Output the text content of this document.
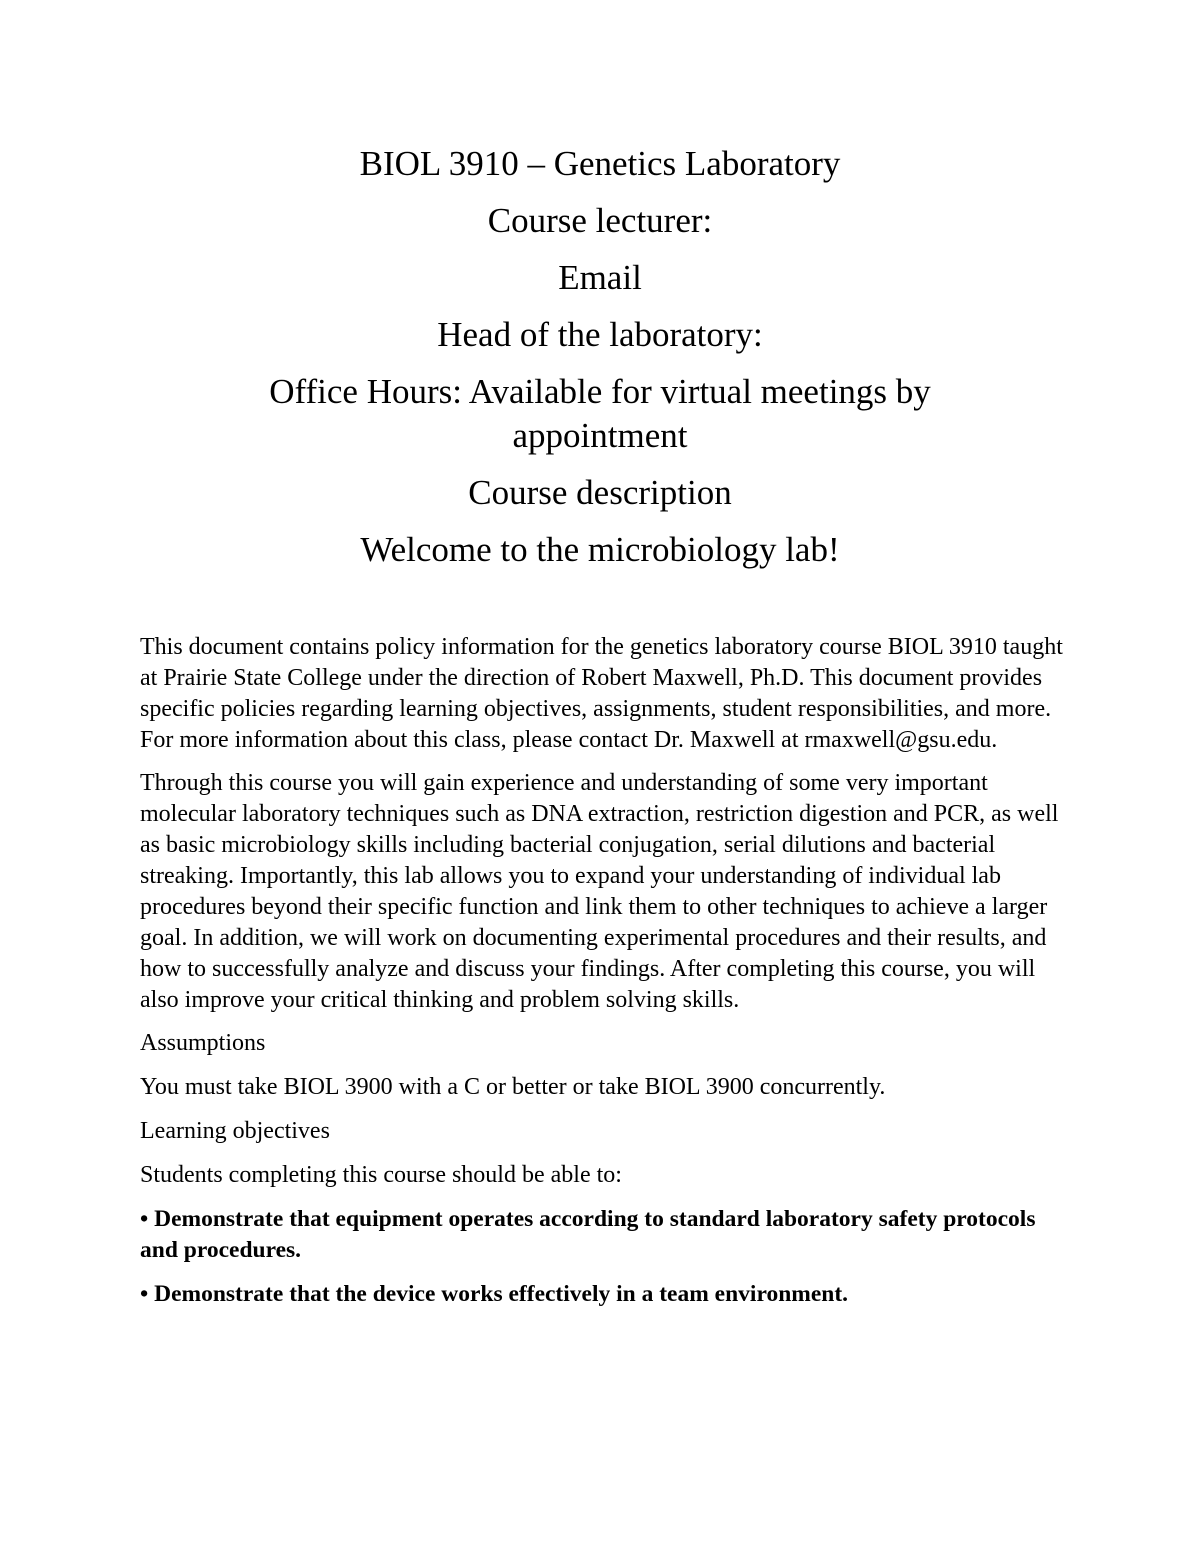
BIOL 3910 – Genetics Laboratory
Course lecturer:
Email
Head of the laboratory:
Office Hours: Available for virtual meetings by appointment
Course description
Welcome to the microbiology lab!

This document contains policy information for the genetics laboratory course BIOL 3910 taught at Prairie State College under the direction of Robert Maxwell, Ph.D. This document provides specific policies regarding learning objectives, assignments, student responsibilities, and more. For more information about this class, please contact Dr. Maxwell at rmaxwell@gsu.edu.

Through this course you will gain experience and understanding of some very important molecular laboratory techniques such as DNA extraction, restriction digestion and PCR, as well as basic microbiology skills including bacterial conjugation, serial dilutions and bacterial streaking. Importantly, this lab allows you to expand your understanding of individual lab procedures beyond their specific function and link them to other techniques to achieve a larger goal. In addition, we will work on documenting experimental procedures and their results, and how to successfully analyze and discuss your findings. After completing this course, you will also improve your critical thinking and problem solving skills.

Assumptions

You must take BIOL 3900 with a C or better or take BIOL 3900 concurrently.

Learning objectives

Students completing this course should be able to:

• Demonstrate that equipment operates according to standard laboratory safety protocols and procedures.

• Demonstrate that the device works effectively in a team environment.
